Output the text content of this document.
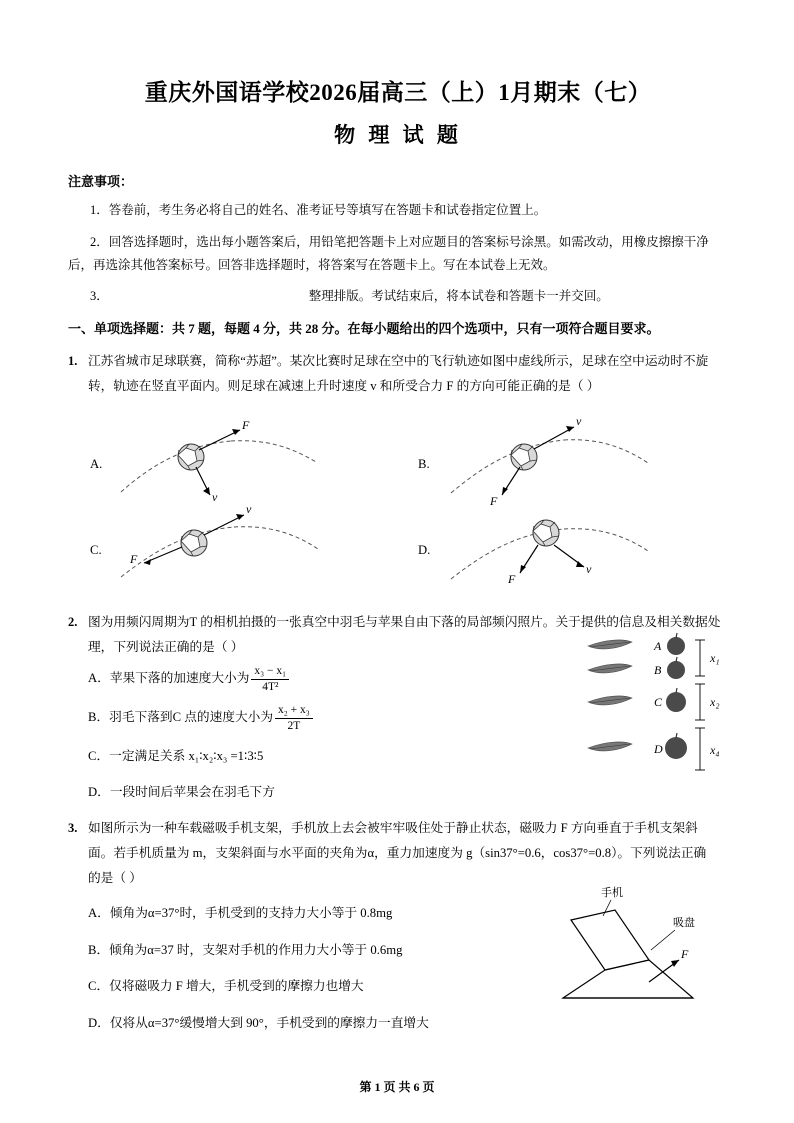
重庆外国语学校2026届高三（上）1月期末（七）
物 理 试 题
注意事项：
1．答卷前，考生务必将自己的姓名、准考证号等填写在答题卡和试卷指定位置上。
2．回答选择题时，选出每小题答案后，用铅笔把答题卡上对应题目的答案标号涂黑。如需改动，用橡皮擦擦干净后，再选涂其他答案标号。回答非选择题时，将答案写在答题卡上。写在本试卷上无效。
3．	整理排版。考试结束后，将本试卷和答题卡一并交回。
一、单项选择题：共 7 题，每题 4 分，共 28 分。在每小题给出的四个选项中，只有一项符合题目要求。
1. 江苏省城市足球联赛，简称“苏超”。某次比赛时足球在空中的飞行轨迹如图中虚线所示，足球在空中运动时不旋转，轨迹在竖直平面内。则足球在减速上升时速度 v 和所受合力 F 的方向可能正确的是（ ）
A.	B.
C.	D.
F
v
v
F
v
F
v
F
2. 图为用频闪周期为T 的相机拍摄的一张真空中羽毛与苹果自由下落的局部频闪照片。关于提供的信息及相关数据处理，下列说法正确的是（ ）
A．苹果下落的加速度大小为 $\frac{\text{x₃ − x₁}}{\text{4T²}}$
B．羽毛下落到C 点的速度大小为 $\frac{\text{x₂ + x₃}}{2T}$
C．一定满足关系 x₁∶x₂∶x₃ =1∶3∶5
D．一段时间后苹果会在羽毛下方
A
B
C
D
x₁
x₂
x₄
3. 如图所示为一种车载磁吸手机支架，手机放上去会被牢牢吸住处于静止状态，磁吸力 F 方向垂直于手机支架斜面。若手机质量为 m，支架斜面与水平面的夹角为α，重力加速度为 g（sin37°=0.6，cos37°=0.8）。下列说法正确的是（ ）
A．倾角为α=37°时，手机受到的支持力大小等于 0.8mg
B．倾角为α=37 时，支架对手机的作用力大小等于 0.6mg
C．仅将磁吸力 F 增大，手机受到的摩擦力也增大
D．仅将从α=37°缓慢增大到 90°，手机受到的摩擦力一直增大
F
手机
吸盘
第 1 页 共 6 页
